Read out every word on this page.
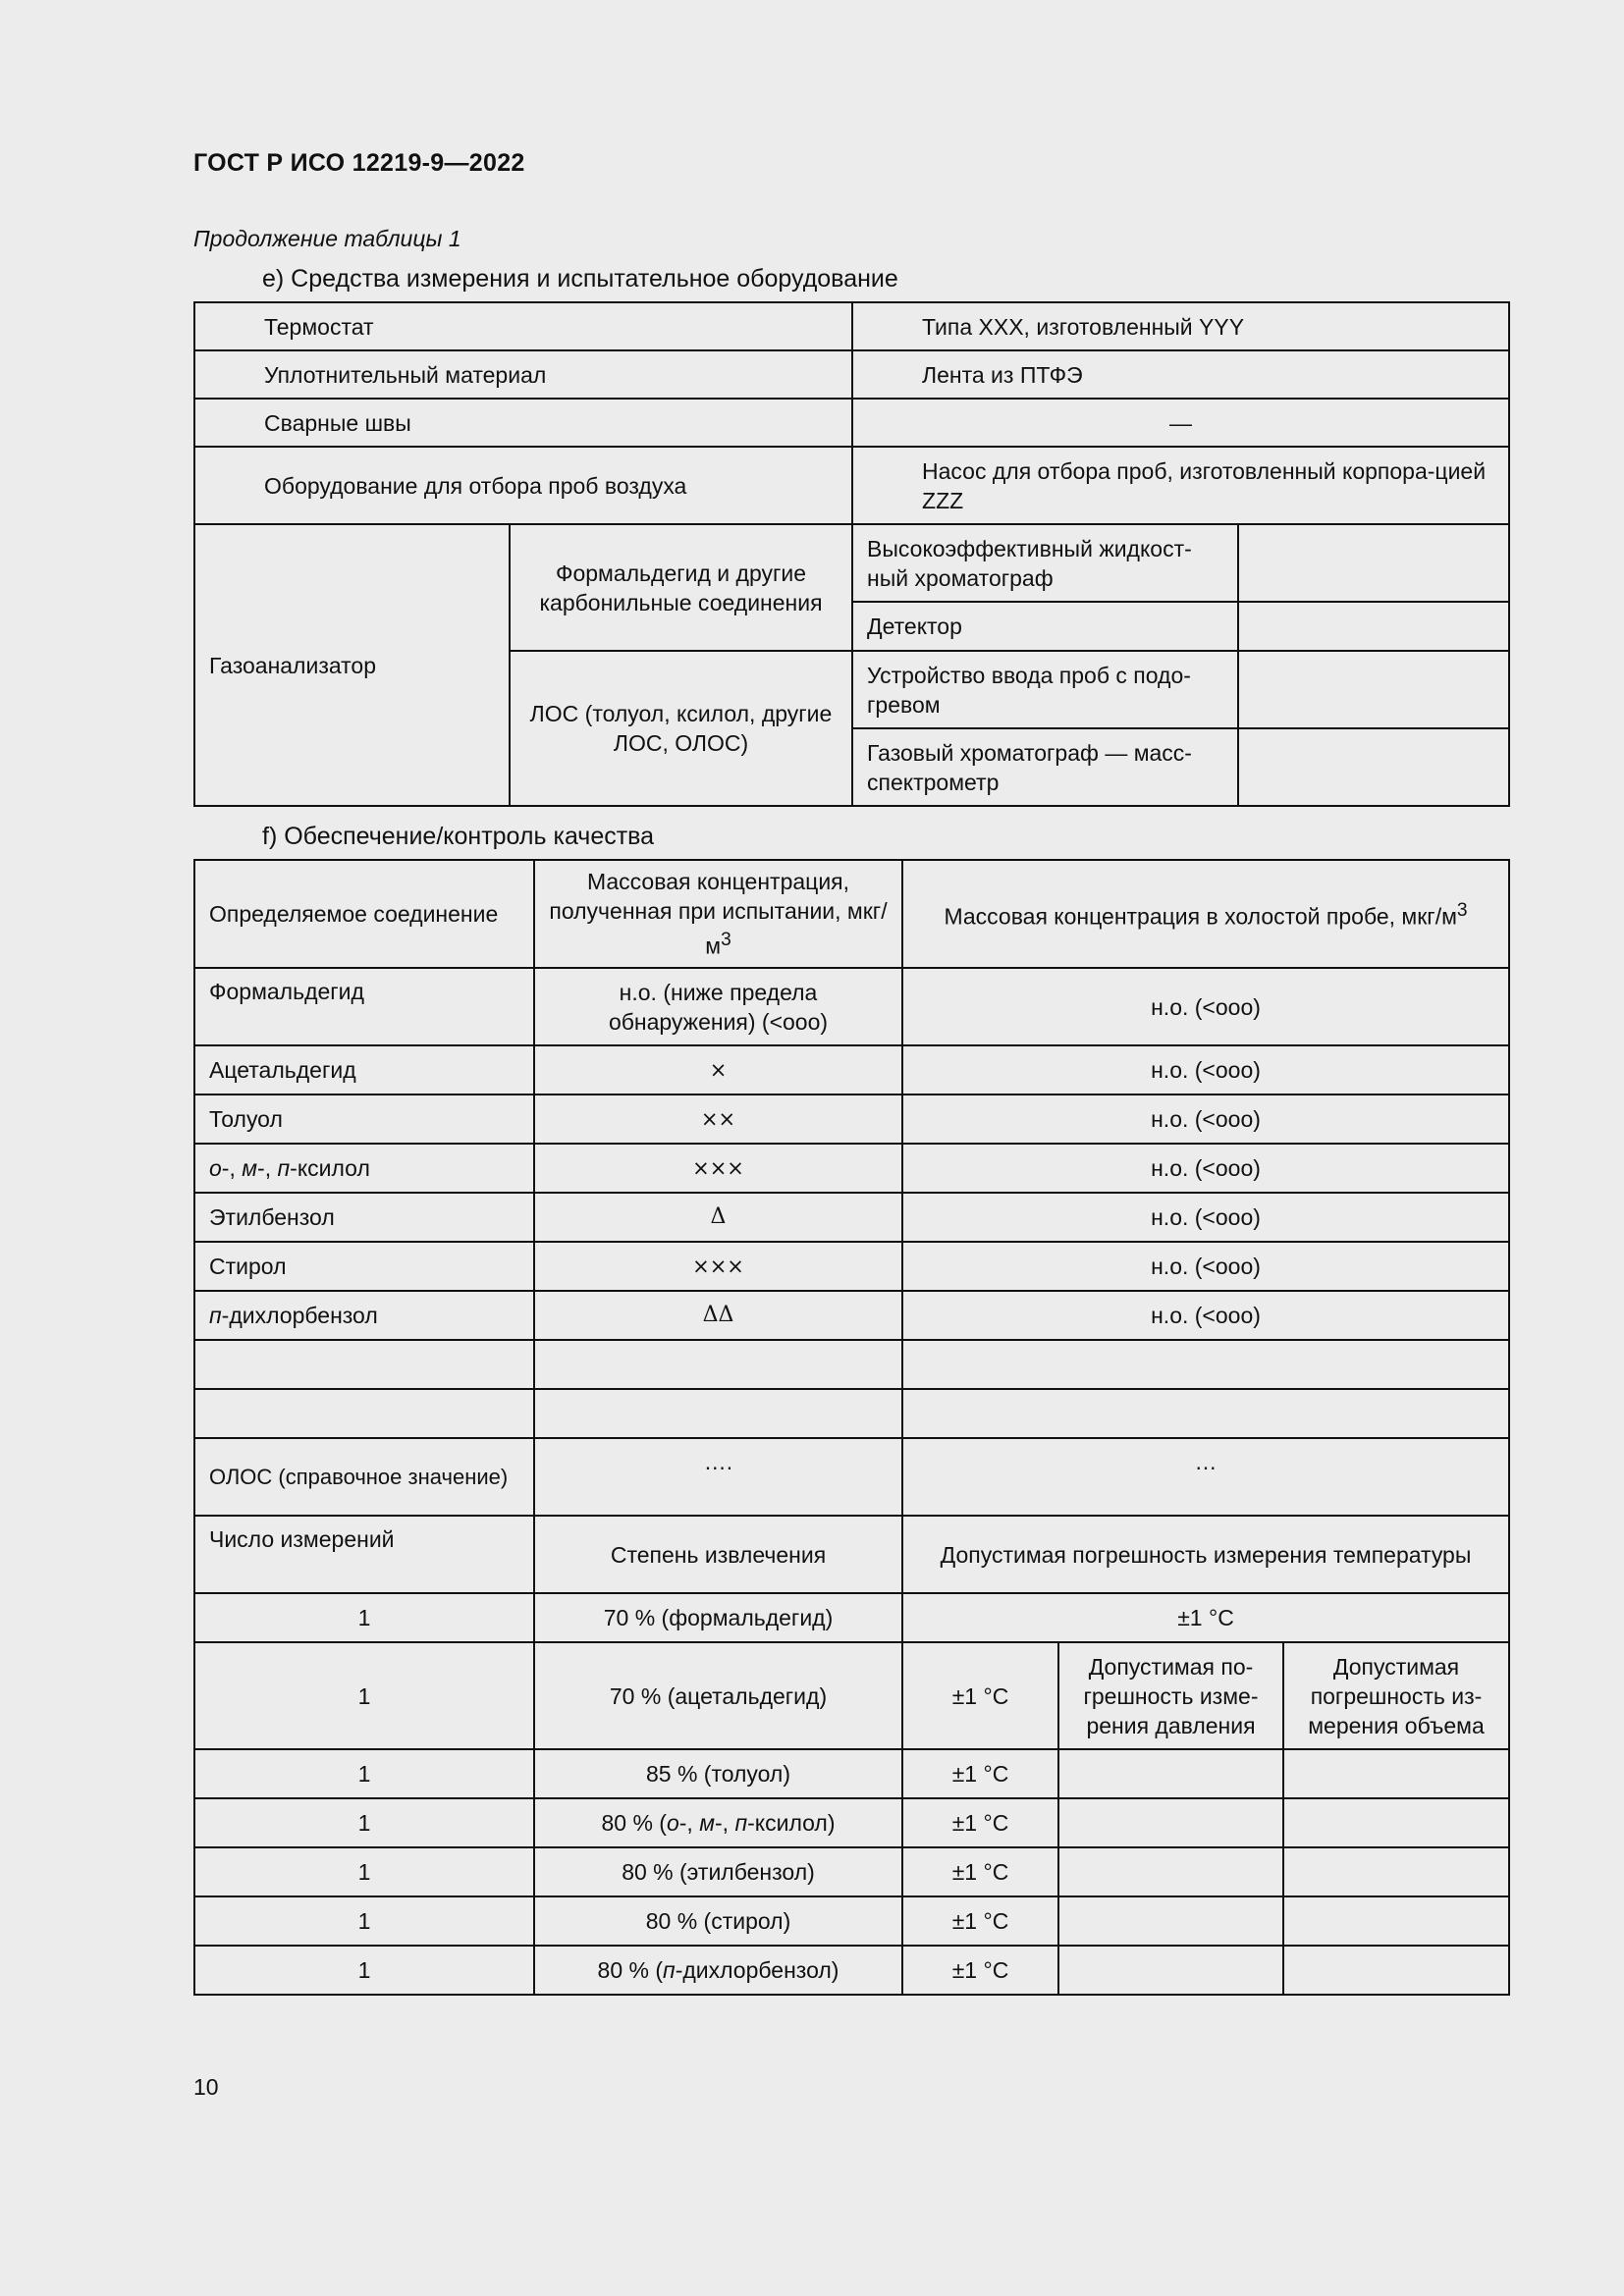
ГОСТ Р ИСО 12219-9—2022
Продолжение таблицы 1
e) Средства измерения и испытательное оборудование
Термостат		Типа XXX, изготовленный YYY	
Уплотнительный материал		Лента из ПТФЭ	
Сварные швы		—	
Оборудование для отбора проб воздуха		Насос для отбора проб, изготовленный корпора-цией ZZZ	
Газоанализатор	Формальдегид и другие карбонильные соединения	Высокоэффективный жидкост-ный хроматограф	
		Детектор	
	ЛОС (толуол, ксилол, другие ЛОС, ОЛОС)	Устройство ввода проб с подо-гревом	
		Газовый хроматограф — масс-спектрометр	
f) Обеспечение/контроль качества
Определяемое соединение	Массовая концентрация, полученная при испытании, мкг/$м^3$	Массовая концентрация в холостой пробе, мкг/$м^3$
Формальдегид	н.о. (ниже предела обнаружения) (<ooo)	н.о. (<ooo)		
Ацетальдегид	×	н.о. (<ooo)		
Толуол	××	н.о. (<ooo)		
о-, м-, п-ксилол	×××	н.о. (<ooo)		
Этилбензол	Δ	н.о. (<ooo)		
Стирол	×××	н.о. (<ooo)		
п-дихлорбензол	ΔΔ	н.о. (<ooo)		

ОЛОС (справочное значение)	….	…		
Число измерений	Степень извлечения	Допустимая погрешность измерения температуры		
1	70 % (формальдегид)	±1 °C		
1	70 % (ацетальдегид)	±1 °C	Допустимая по-грешность изме-рения давления	Допустимая погрешность из-мерения объема
1	85 % (толуол)	±1 °C		
1	80 % (о-, м-, п-ксилол)	±1 °C		
1	80 % (этилбензол)	±1 °C		
1	80 % (стирол)	±1 °C		
1	80 % (п-дихлорбензол)	±1 °C		
10
